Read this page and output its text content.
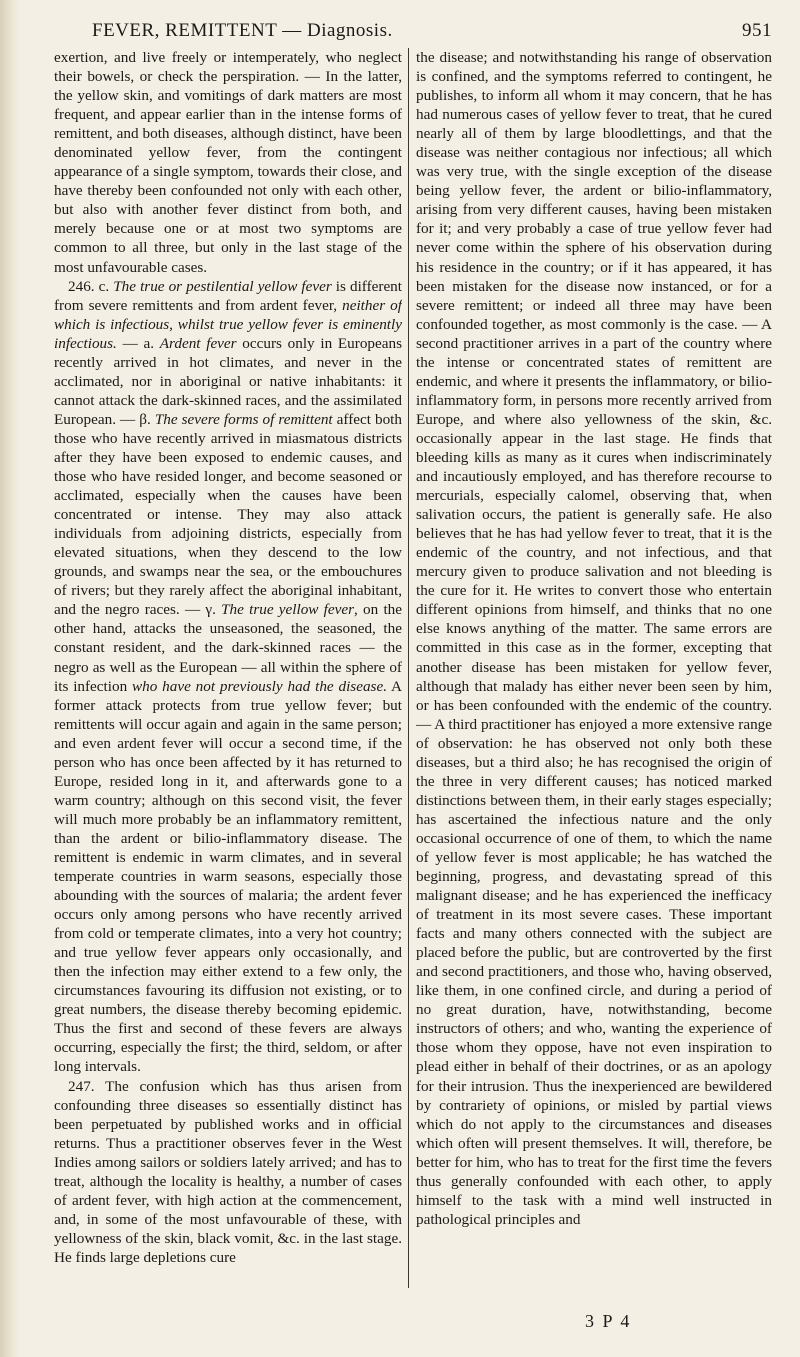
FEVER, REMITTENT — Diagnosis.	951

exertion, and live freely or intemperately, who neglect their bowels, or check the perspiration. — In the latter, the yellow skin, and vomitings of dark matters are most frequent, and appear earlier than in the intense forms of remittent, and both diseases, although distinct, have been denominated yellow fever, from the contingent appearance of a single symptom, towards their close, and have thereby been confounded not only with each other, but also with another fever distinct from both, and merely because one or at most two symptoms are common to all three, but only in the last stage of the most unfavourable cases.

246. c. The true or pestilential yellow fever is different from severe remittents and from ardent fever, neither of which is infectious, whilst true yellow fever is eminently infectious. — a. Ardent fever occurs only in Europeans recently arrived in hot climates, and never in the acclimated, nor in aboriginal or native inhabitants: it cannot attack the dark-skinned races, and the assimilated European. — β. The severe forms of remittent affect both those who have recently arrived in miasmatous districts after they have been exposed to endemic causes, and those who have resided longer, and become seasoned or acclimated, especially when the causes have been concentrated or intense. They may also attack individuals from adjoining districts, especially from elevated situations, when they descend to the low grounds, and swamps near the sea, or the embouchures of rivers; but they rarely affect the aboriginal inhabitant, and the negro races. — γ. The true yellow fever, on the other hand, attacks the unseasoned, the seasoned, the constant resident, and the dark-skinned races — the negro as well as the European — all within the sphere of its infection who have not previously had the disease. A former attack protects from true yellow fever; but remittents will occur again and again in the same person; and even ardent fever will occur a second time, if the person who has once been affected by it has returned to Europe, resided long in it, and afterwards gone to a warm country; although on this second visit, the fever will much more probably be an inflammatory remittent, than the ardent or bilio-inflammatory disease. The remittent is endemic in warm climates, and in several temperate countries in warm seasons, especially those abounding with the sources of malaria; the ardent fever occurs only among persons who have recently arrived from cold or temperate climates, into a very hot country; and true yellow fever appears only occasionally, and then the infection may either extend to a few only, the circumstances favouring its diffusion not existing, or to great numbers, the disease thereby becoming epidemic. Thus the first and second of these fevers are always occurring, especially the first; the third, seldom, or after long intervals.

247. The confusion which has thus arisen from confounding three diseases so essentially distinct has been perpetuated by published works and in official returns. Thus a practitioner observes fever in the West Indies among sailors or soldiers lately arrived; and has to treat, although the locality is healthy, a number of cases of ardent fever, with high action at the commencement, and, in some of the most unfavourable of these, with yellowness of the skin, black vomit, &c. in the last stage. He finds large depletions cure

the disease; and notwithstanding his range of observation is confined, and the symptoms referred to contingent, he publishes, to inform all whom it may concern, that he has had numerous cases of yellow fever to treat, that he cured nearly all of them by large bloodlettings, and that the disease was neither contagious nor infectious; all which was very true, with the single exception of the disease being yellow fever, the ardent or bilio-inflammatory, arising from very different causes, having been mistaken for it; and very probably a case of true yellow fever had never come within the sphere of his observation during his residence in the country; or if it has appeared, it has been mistaken for the disease now instanced, or for a severe remittent; or indeed all three may have been confounded together, as most commonly is the case. — A second practitioner arrives in a part of the country where the intense or concentrated states of remittent are endemic, and where it presents the inflammatory, or bilio-inflammatory form, in persons more recently arrived from Europe, and where also yellowness of the skin, &c. occasionally appear in the last stage. He finds that bleeding kills as many as it cures when indiscriminately and incautiously employed, and has therefore recourse to mercurials, especially calomel, observing that, when salivation occurs, the patient is generally safe. He also believes that he has had yellow fever to treat, that it is the endemic of the country, and not infectious, and that mercury given to produce salivation and not bleeding is the cure for it. He writes to convert those who entertain different opinions from himself, and thinks that no one else knows anything of the matter. The same errors are committed in this case as in the former, excepting that another disease has been mistaken for yellow fever, although that malady has either never been seen by him, or has been confounded with the endemic of the country. — A third practitioner has enjoyed a more extensive range of observation: he has observed not only both these diseases, but a third also; he has recognised the origin of the three in very different causes; has noticed marked distinctions between them, in their early stages especially; has ascertained the infectious nature and the only occasional occurrence of one of them, to which the name of yellow fever is most applicable; he has watched the beginning, progress, and devastating spread of this malignant disease; and he has experienced the inefficacy of treatment in its most severe cases. These important facts and many others connected with the subject are placed before the public, but are controverted by the first and second practitioners, and those who, having observed, like them, in one confined circle, and during a period of no great duration, have, notwithstanding, become instructors of others; and who, wanting the experience of those whom they oppose, have not even inspiration to plead either in behalf of their doctrines, or as an apology for their intrusion. Thus the inexperienced are bewildered by contrariety of opinions, or misled by partial views which do not apply to the circumstances and diseases which often will present themselves. It will, therefore, be better for him, who has to treat for the first time the fevers thus generally confounded with each other, to apply himself to the task with a mind well instructed in pathological principles and

3 P 4
